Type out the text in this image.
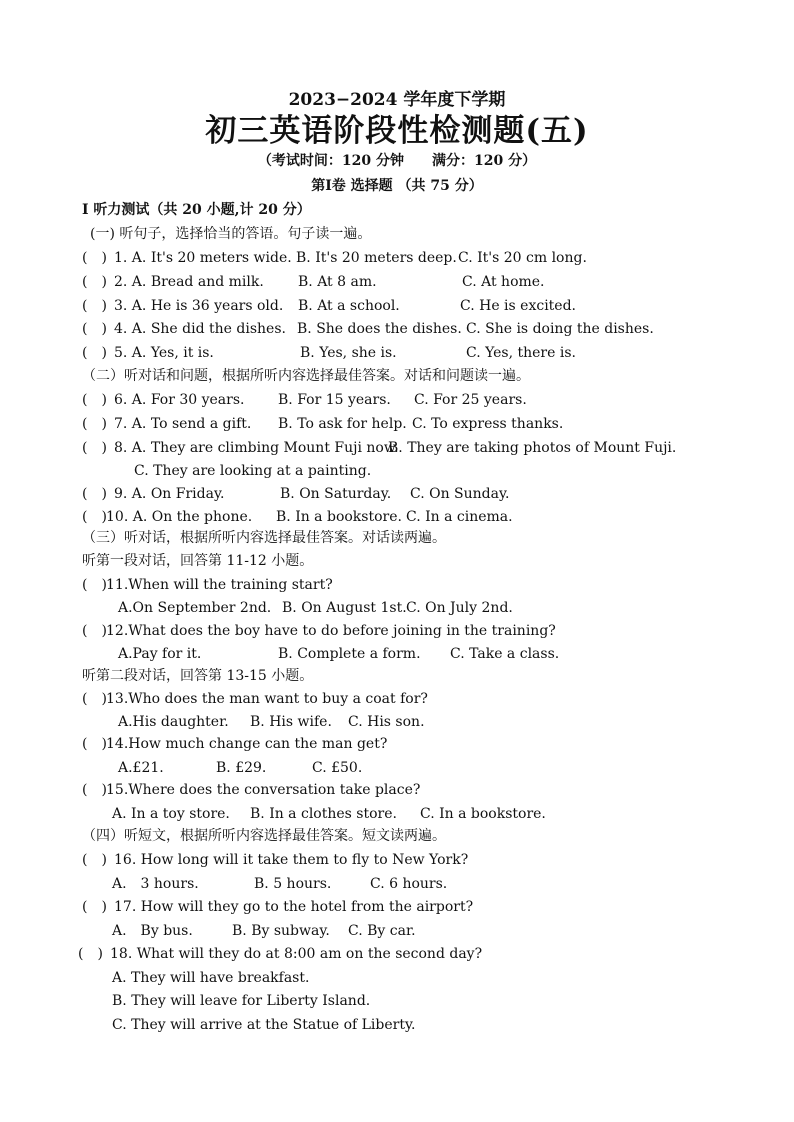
2023−2024 学年度下学期
初三英语阶段性检测题(五)
（考试时间：120 分钟　　满分：120 分）
第Ⅰ卷 选择题 （共 75 分）
Ⅰ 听力测试（共 20 小题,计 20 分）
(一) 听句子，选择恰当的答语。句子读一遍。
(　) 1. A. It's 20 meters wide. B. It's 20 meters deep. C. It's 20 cm long.
(　) 2. A. Bread and milk. B. At 8 am.	C. At home.
(　) 3. A. He is 36 years old. B. At a school.	C. He is excited.
(　) 4. A. She did the dishes. B. She does the dishes. C. She is doing the dishes.
(　) 5. A. Yes, it is.	B. Yes, she is.	C. Yes, there is.
（二）听对话和问题，根据所听内容选择最佳答案。对话和问题读一遍。
(　) 6. A. For 30 years. B. For 15 years. C. For 25 years.
(　) 7. A. To send a gift. B. To ask for help. C. To express thanks.
(　) 8. A. They are climbing Mount Fuji now.
B. They are taking photos of Mount Fuji.
C. They are looking at a painting.
(　) 9. A. On Friday.	B. On Saturday. C. On Sunday.
(　) 10. A. On the phone. B. In a bookstore. C. In a cinema.
（三）听对话，根据所听内容选择最佳答案。对话读两遍。
听第一段对话，回答第 11-12 小题。
(　) 11.When will the training start?
A.On September 2nd. B. On August 1st. C. On July 2nd.
(　) 12.What does the boy have to do before joining in the training?
A.Pay for it.	B. Complete a form. C. Take a class.
听第二段对话，回答第 13-15 小题。
(　) 13.Who does the man want to buy a coat for?
A.His daughter. B. His wife. C. His son.
(　) 14.How much change can the man get?
A.£21.	B. £29.	C. £50.
(　) 15.Where does the conversation take place?
A. In a toy store. B. In a clothes store. C. In a bookstore.
（四）听短文，根据所听内容选择最佳答案。短文读两遍。
(　) 16. How long will it take them to fly to New York?
A.　3 hours.	B. 5 hours.	C. 6 hours.
(　) 17. How will they go to the hotel from the airport?
A.　By bus.	B. By subway. C. By car.
(　) 18. What will they do at 8:00 am on the second day?
A. They will have breakfast.
B. They will leave for Liberty Island.
C. They will arrive at the Statue of Liberty.
